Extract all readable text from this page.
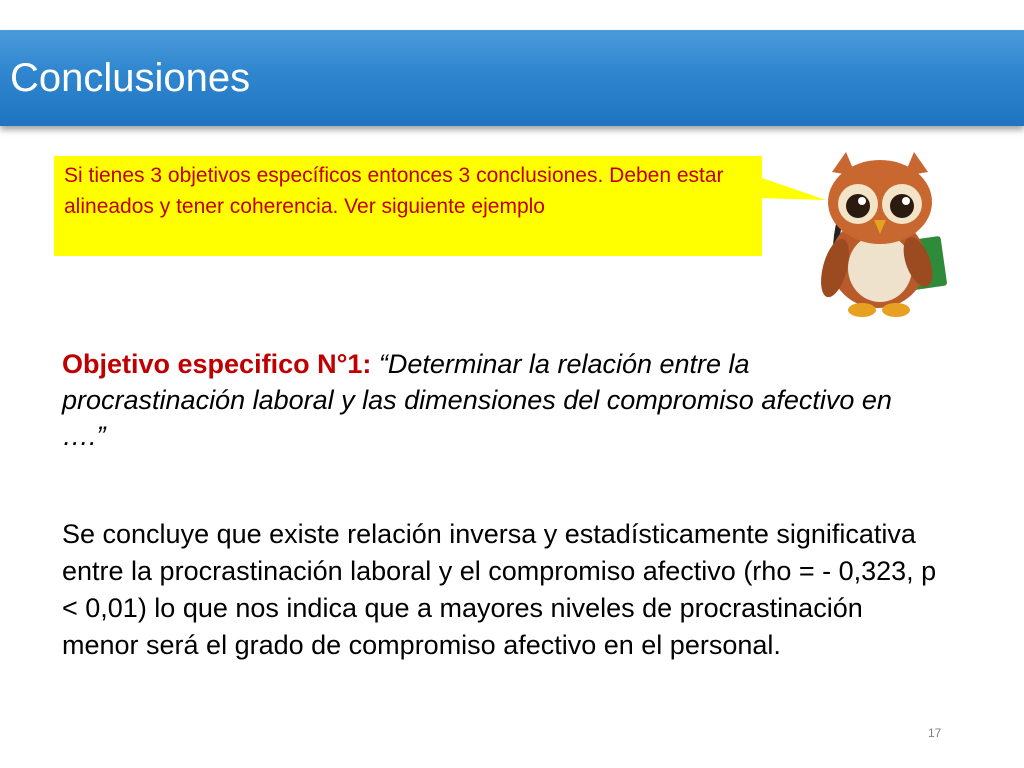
Conclusiones
Si tienes 3 objetivos específicos entonces 3 conclusiones. Deben estar alineados y tener coherencia. Ver siguiente ejemplo
Objetivo especifico N°1: “Determinar la relación entre la procrastinación laboral y las dimensiones del compromiso afectivo en ….”
Se concluye que existe relación inversa y estadísticamente significativa entre la procrastinación laboral y el compromiso afectivo (rho = - 0,323, p < 0,01) lo que nos indica que a mayores niveles de procrastinación menor será el grado de compromiso afectivo en el personal.
17
